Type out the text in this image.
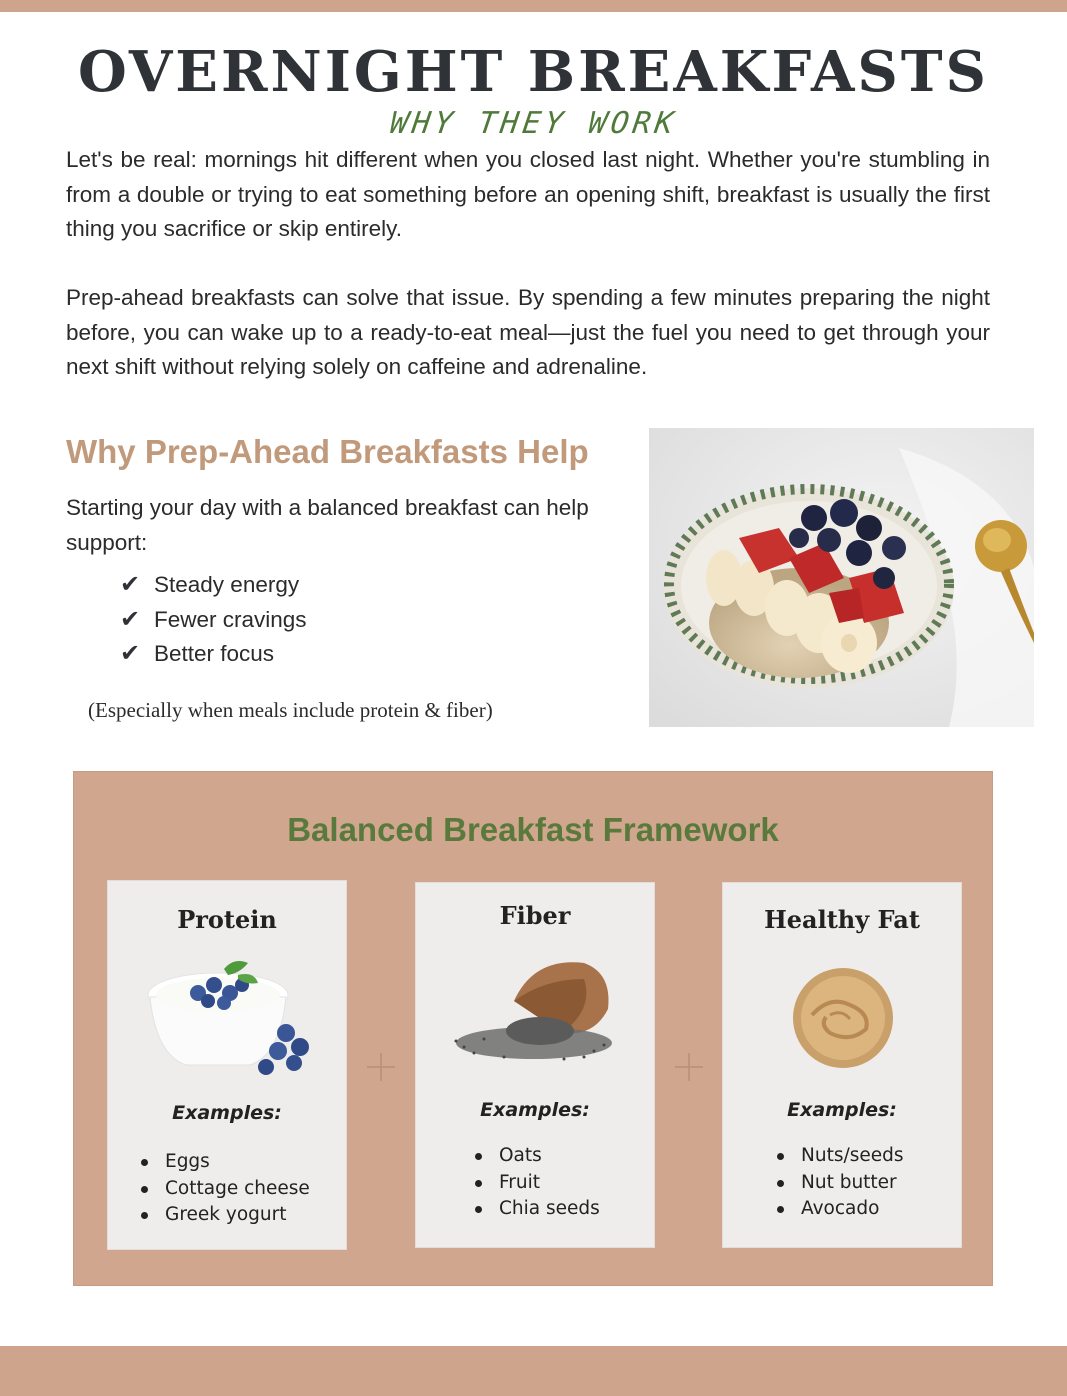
OVERNIGHT BREAKFASTS
WHY THEY WORK

Let's be real: mornings hit different when you closed last night. Whether you're stumbling in from a double or trying to eat something before an opening shift, breakfast is usually the first thing you sacrifice or skip entirely.

Prep-ahead breakfasts can solve that issue. By spending a few minutes preparing the night before, you can wake up to a ready-to-eat meal—just the fuel you need to get through your next shift without relying solely on caffeine and adrenaline.

Why Prep-Ahead Breakfasts Help

Starting your day with a balanced breakfast can help support:

✔ Steady energy
✔ Fewer cravings
✔ Better focus
(Especially when meals include protein & fiber)
Balanced Breakfast Framework
Protein
Examples:
Eggs
Cottage cheese
Greek yogurt
Fiber
Examples:
Oats
Fruit
Chia seeds
Healthy Fat
Examples:
Nuts/seeds
Nut butter
Avocado
